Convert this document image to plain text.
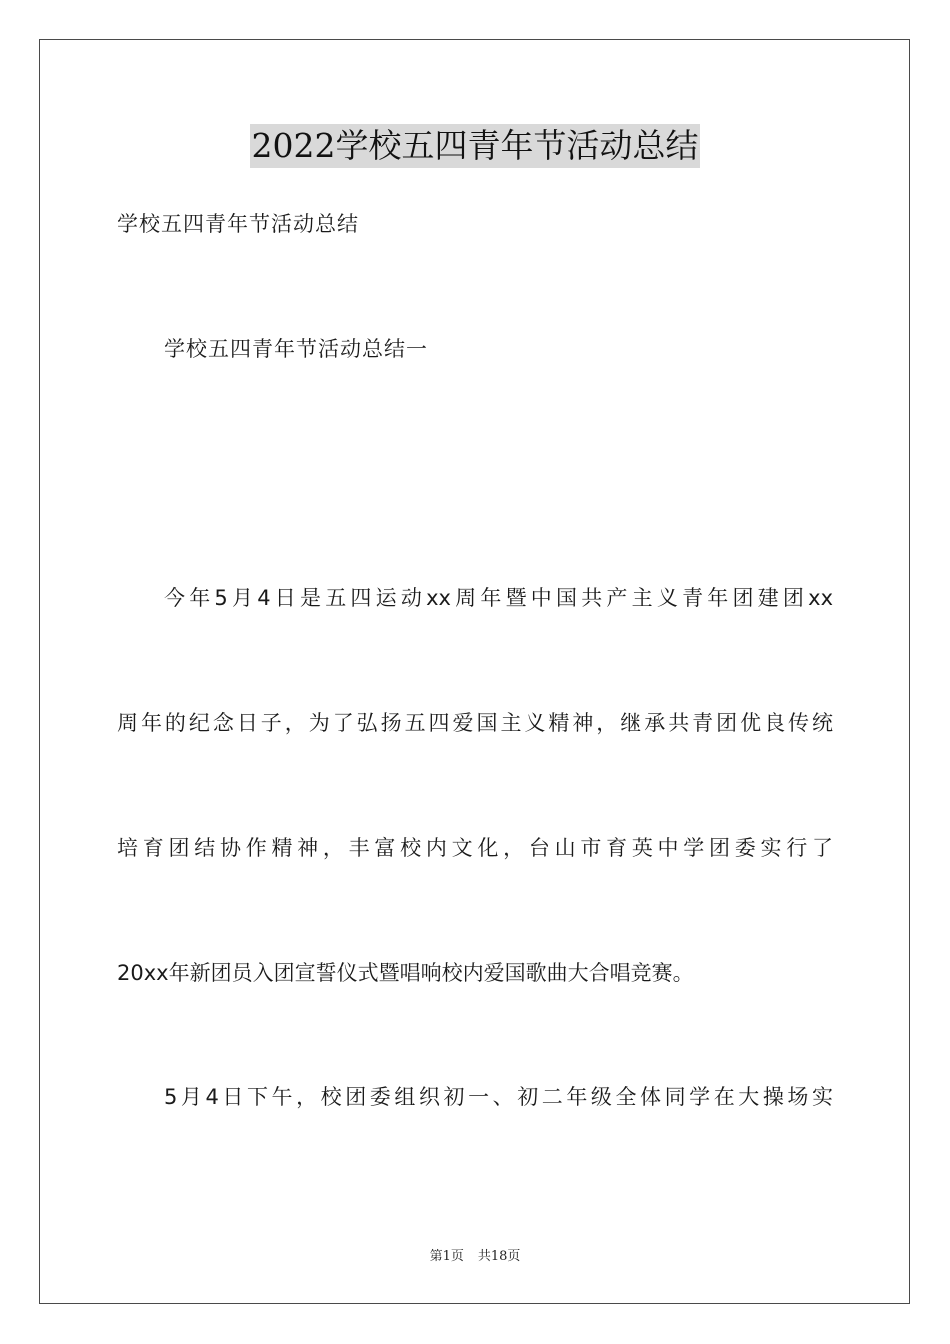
2022学校五四青年节活动总结
学校五四青年节活动总结
学校五四青年节活动总结一
今年5月4日是五四运动xx周年暨中国共产主义青年团建团xx
周年的纪念日子，为了弘扬五四爱国主义精神，继承共青团优良传统
培育团结协作精神，丰富校内文化，台山市育英中学团委实行了
20xx年新团员入团宣誓仪式暨唱响校内爱国歌曲大合唱竞赛。
5月4日下午，校团委组织初一、初二年级全体同学在大操场实
第1页 共18页
